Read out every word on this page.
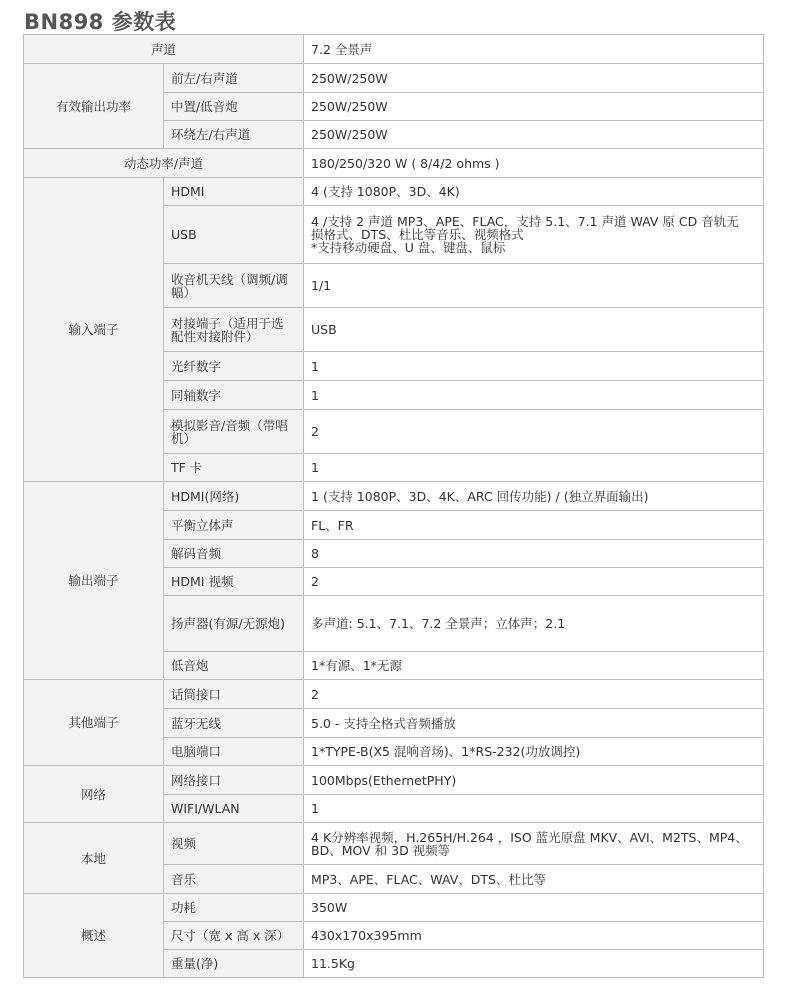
BN898 参数表
声道		7.2 全景声
有效输出功率	前左/右声道	250W/250W
	中置/低音炮	250W/250W
	环绕左/右声道	250W/250W
动态功率/声道		180/250/320 W ( 8/4/2 ohms )
输入端子	HDMI	4 (支持 1080P、3D、4K)
	USB	4 /支持 2 声道 MP3、APE、FLAC，支持 5.1、7.1 声道 WAV 原 CD 音轨无
损格式、DTS、杜比等音乐、视频格式
*支持移动硬盘、U 盘、键盘、鼠标

	收音机天线（调频/调
幅）	1/1

	对接端子（适用于选
配性对接附件）	USB
	光纤数字	1
	同轴数字	1

	模拟影音/音频（带唱
机）	2
	TF 卡	1
输出端子	HDMI(网络)	1 (支持 1080P、3D、4K、ARC 回传功能) / (独立界面输出)
	平衡立体声	FL、FR
	解码音频	8
	HDMI 视频	2
	扬声器(有源/无源炮)	多声道: 5.1、7.1、7.2 全景声；立体声；2.1
	低音炮	1*有源、1*无源
其他端子	话筒接口	2
	蓝牙无线	5.0 - 支持全格式音频播放
	电脑端口	1*TYPE-B(X5 混响音场)、1*RS-232(功放调控)
网络	网络接口	100Mbps(EthernetPHY)
	WIFI/WLAN	1
本地	视频	4 K分辨率视频，H.265H/H.264 ，ISO 蓝光原盘 MKV、AVI、M2TS、MP4、
BD、MOV 和 3D 视频等

	音乐	MP3、APE、FLAC、WAV、DTS、杜比等
概述	功耗	350W
	尺寸（宽 x 高 x 深）	430x170x395mm
	重量(净)	11.5Kg
